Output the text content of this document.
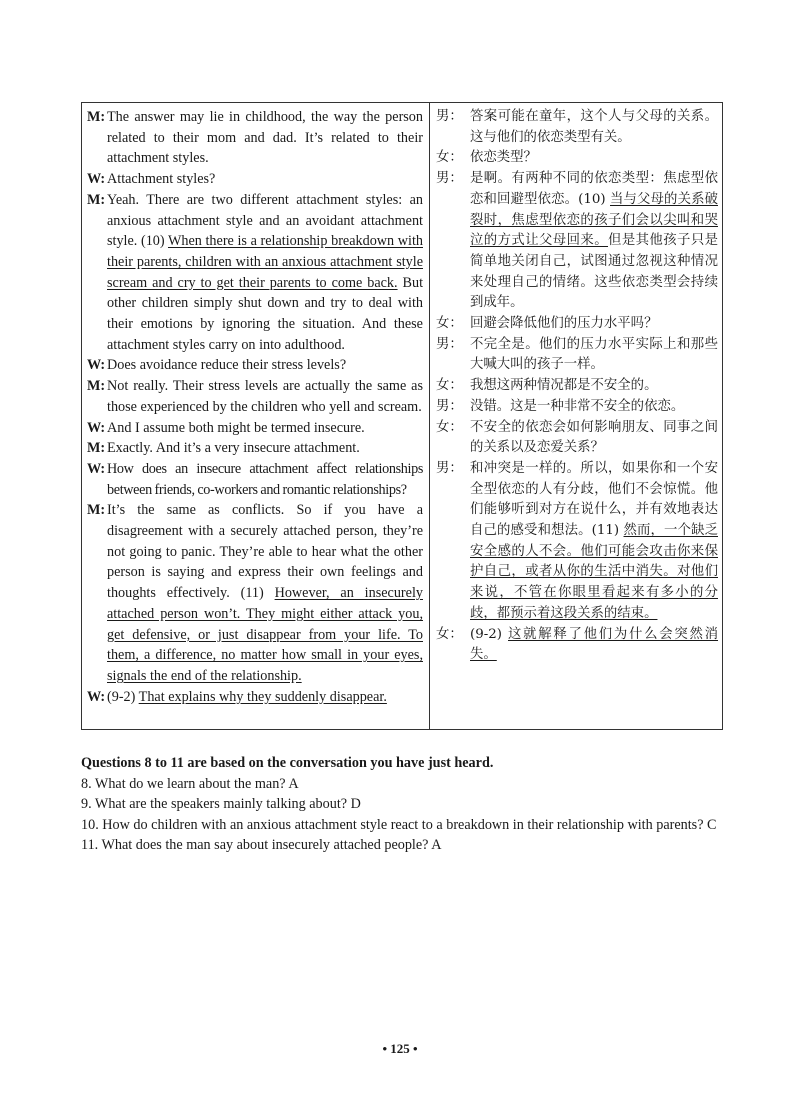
M: The answer may lie in childhood, the way the person related to their mom and dad. It’s related to their attachment styles.
W: Attachment styles?
M: Yeah. There are two different attachment styles: an anxious attachment style and an avoidant attachment style. (10) When there is a relationship breakdown with their parents, children with an anxious attachment style scream and cry to get their parents to come back. But other children simply shut down and try to deal with their emotions by ignoring the situation. And these attachment styles carry on into adulthood.
W: Does avoidance reduce their stress levels?
M: Not really. Their stress levels are actually the same as those experienced by the children who yell and scream.
W: And I assume both might be termed insecure.
M: Exactly. And it’s a very insecure attachment.
W: How does an insecure attachment affect relationships between friends, co-workers and romantic relationships?
M: It’s the same as conflicts. So if you have a disagreement with a securely attached person, they’re not going to panic. They’re able to hear what the other person is saying and express their own feelings and thoughts effectively. (11) However, an insecurely attached person won’t. They might either attack you, get defensive, or just disappear from your life. To them, a difference, no matter how small in your eyes, signals the end of the relationship.
W: (9-2) That explains why they suddenly disappear.
男： 答案可能在童年，这个人与父母的关系。这与他们的依恋类型有关。
女： 依恋类型？
男： 是啊。有两种不同的依恋类型：焦虑型依恋和回避型依恋。(10) 当与父母的关系破裂时，焦虑型依恋的孩子们会以尖叫和哭泣的方式让父母回来。但是其他孩子只是简单地关闭自己，试图通过忽视这种情况来处理自己的情绪。这些依恋类型会持续到成年。
女： 回避会降低他们的压力水平吗？
男： 不完全是。他们的压力水平实际上和那些大喊大叫的孩子一样。
女： 我想这两种情况都是不安全的。
男： 没错。这是一种非常不安全的依恋。
女： 不安全的依恋会如何影响朋友、同事之间的关系以及恋爱关系？
男： 和冲突是一样的。所以，如果你和一个安全型依恋的人有分歧，他们不会惊慌。他们能够听到对方在说什么，并有效地表达自己的感受和想法。(11) 然而，一个缺乏安全感的人不会。他们可能会攻击你来保护自己，或者从你的生活中消失。对他们来说，不管在你眼里看起来有多小的分歧，都预示着这段关系的结束。
女： (9-2) 这就解释了他们为什么会突然消失。
Questions 8 to 11 are based on the conversation you have just heard.
8. What do we learn about the man? A
9. What are the speakers mainly talking about? D
10. How do children with an anxious attachment style react to a breakdown in their relationship with parents? C
11. What does the man say about insecurely attached people? A
• 125 •
